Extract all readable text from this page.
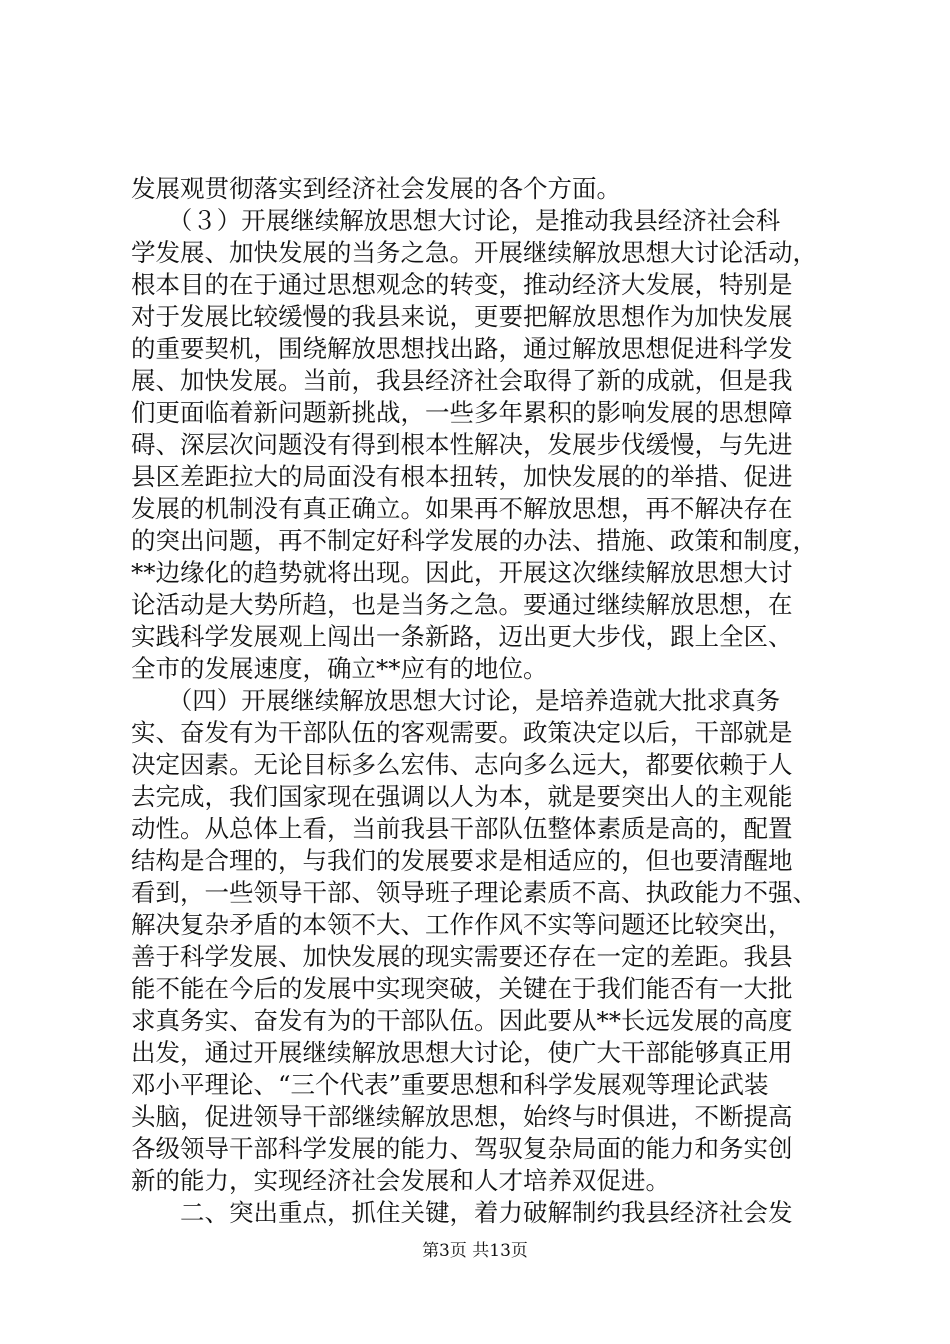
发展观贯彻落实到经济社会发展的各个方面。
　　（３）开展继续解放思想大讨论，是推动我县经济社会科
学发展、加快发展的当务之急。开展继续解放思想大讨论活动，
根本目的在于通过思想观念的转变，推动经济大发展，特别是
对于发展比较缓慢的我县来说，更要把解放思想作为加快发展
的重要契机，围绕解放思想找出路，通过解放思想促进科学发
展、加快发展。当前，我县经济社会取得了新的成就，但是我
们更面临着新问题新挑战，一些多年累积的影响发展的思想障
碍、深层次问题没有得到根本性解决，发展步伐缓慢，与先进
县区差距拉大的局面没有根本扭转，加快发展的的举措、促进
发展的机制没有真正确立。如果再不解放思想，再不解决存在
的突出问题，再不制定好科学发展的办法、措施、政策和制度，
**边缘化的趋势就将出现。因此，开展这次继续解放思想大讨
论活动是大势所趋，也是当务之急。要通过继续解放思想，在
实践科学发展观上闯出一条新路，迈出更大步伐，跟上全区、
全市的发展速度，确立**应有的地位。
　　（四）开展继续解放思想大讨论，是培养造就大批求真务
实、奋发有为干部队伍的客观需要。政策决定以后，干部就是
决定因素。无论目标多么宏伟、志向多么远大，都要依赖于人
去完成，我们国家现在强调以人为本，就是要突出人的主观能
动性。从总体上看，当前我县干部队伍整体素质是高的，配置
结构是合理的，与我们的发展要求是相适应的，但也要清醒地
看到，一些领导干部、领导班子理论素质不高、执政能力不强、
解决复杂矛盾的本领不大、工作作风不实等问题还比较突出，
善于科学发展、加快发展的现实需要还存在一定的差距。我县
能不能在今后的发展中实现突破，关键在于我们能否有一大批
求真务实、奋发有为的干部队伍。因此要从**长远发展的高度
出发，通过开展继续解放思想大讨论，使广大干部能够真正用
邓小平理论、“三个代表”重要思想和科学发展观等理论武装
头脑，促进领导干部继续解放思想，始终与时俱进，不断提高
各级领导干部科学发展的能力、驾驭复杂局面的能力和务实创
新的能力，实现经济社会发展和人才培养双促进。
　　二、突出重点，抓住关键，着力破解制约我县经济社会发
第3页 共13页
